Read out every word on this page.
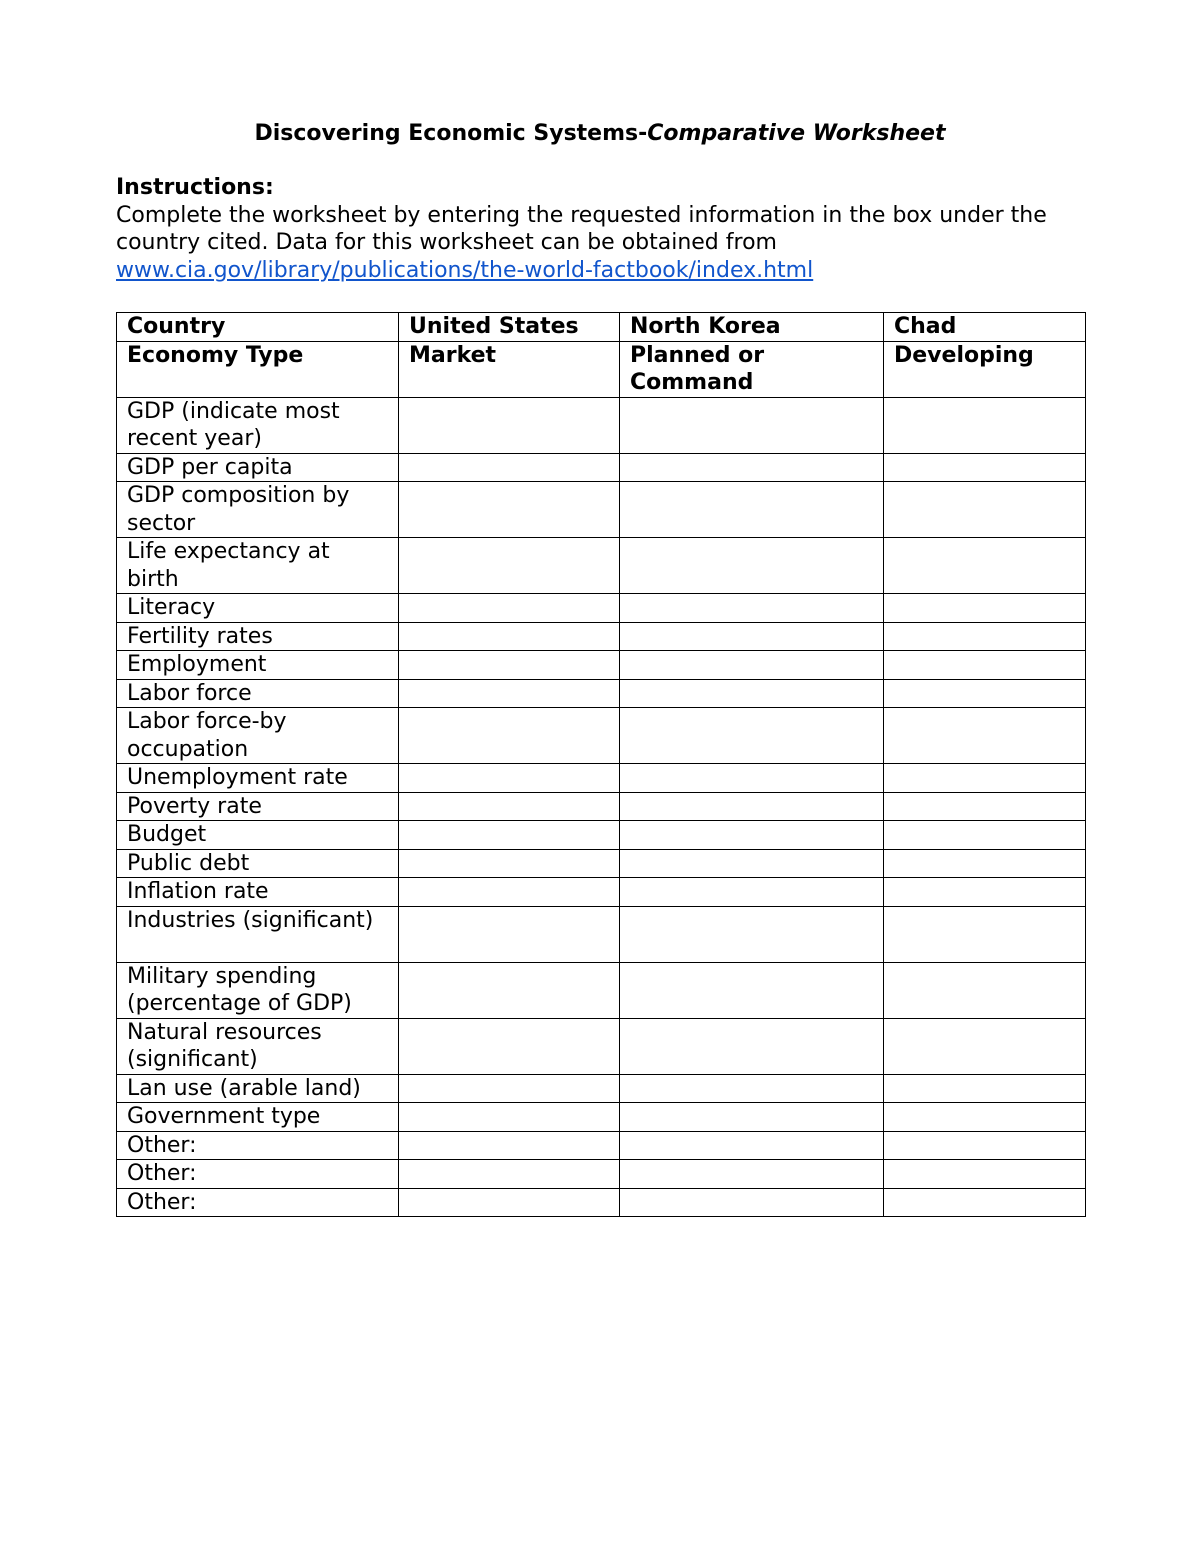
Discovering Economic Systems-Comparative Worksheet
Instructions:
Complete the worksheet by entering the requested information in the box under the country cited. Data for this worksheet can be obtained from
www.cia.gov/library/publications/the-world-factbook/index.html
Country	United States	North Korea	Chad
Economy Type	Market	Planned or Command	Developing
GDP (indicate most recent year)			
GDP per capita			
GDP composition by sector			
Life expectancy at birth			
Literacy			
Fertility rates			
Employment			
Labor force			
Labor force-by occupation			
Unemployment rate			
Poverty rate			
Budget			
Public debt			
Inflation rate			
Industries (significant)			
Military spending (percentage of GDP)			
Natural resources (significant)			
Lan use (arable land)			
Government type			
Other:			
Other:			
Other:			
